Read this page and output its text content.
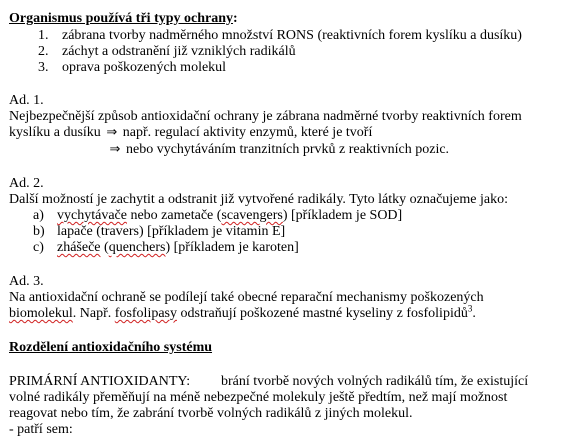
Organismus používá tři typy ochrany:
1. zábrana tvorby nadměrného množství RONS (reaktivních forem kyslíku a dusíku)
2. záchyt a odstranění již vzniklých radikálů
3. oprava poškozených molekul
Ad. 1.
Nejbezpečnější způsob antioxidační ochrany je zábrana nadměrné tvorby reaktivních forem
kyslíku a dusíku ⇒ např. regulací aktivity enzymů, které je tvoří
⇒ nebo vychytáváním tranzitních prvků z reaktivních pozic.
Ad. 2.
Další možností je zachytit a odstranit již vytvořené radikály. Tyto látky označujeme jako:
a) vychytávače nebo zametače (scavengers) [příkladem je SOD]
b) lapače (travers) [příkladem je vitamin E]
c) zhášeče (quenchers) [příkladem je karoten]
Ad. 3.
Na antioxidační ochraně se podílejí také obecné reparační mechanismy poškozených
biomolekul. Např. fosfolipasy odstraňují poškozené mastné kyseliny z fosfolipidů$^3$.
Rozdělení antioxidačního systému
PRIMÁRNÍ ANTIOXIDANTY: brání tvorbě nových volných radikálů tím, že existující
volné radikály přeměňují na méně nebezpečné molekuly ještě předtím, než mají možnost
reagovat nebo tím, že zabrání tvorbě volných radikálů z jiných molekul.
- patří sem:
